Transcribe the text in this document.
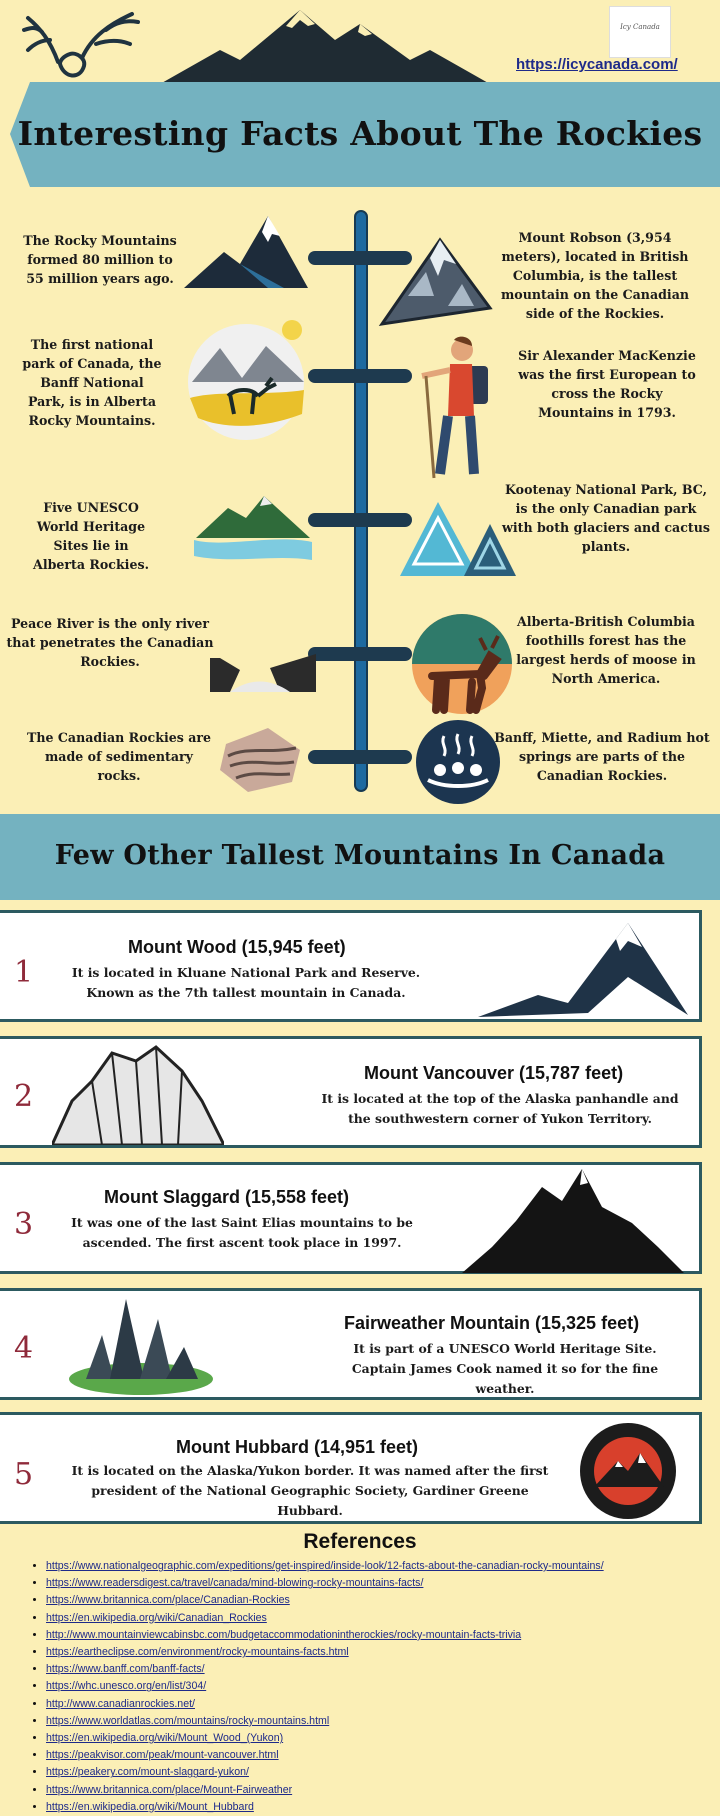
Icy Canada
https://icycanada.com/
Interesting Facts About The Rockies
The Rocky Mountains formed 80 million to 55 million years ago.
The first national park of Canada, the Banff National Park, is in Alberta Rocky Mountains.
Five UNESCO World Heritage Sites lie in Alberta Rockies.
Peace River is the only river that penetrates the Canadian Rockies.
The Canadian Rockies are made of sedimentary rocks.
Mount Robson (3,954 meters), located in British Columbia, is the tallest mountain on the Canadian side of the Rockies.
Sir Alexander MacKenzie was the first European to cross the Rocky Mountains in 1793.
Kootenay National Park, BC, is the only Canadian park with both glaciers and cactus plants.
Alberta-British Columbia foothills forest has the largest herds of moose in North America.
Banff, Miette, and Radium hot springs are parts of the Canadian Rockies.
Few Other Tallest Mountains In Canada
1
Mount Wood (15,945 feet)
It is located in Kluane National Park and Reserve. Known as the 7th tallest mountain in Canada.
2
Mount Vancouver (15,787 feet)
It is located at the top of the Alaska panhandle and the southwestern corner of Yukon Territory.
3
Mount Slaggard (15,558 feet)
It was one of the last Saint Elias mountains to be ascended. The first ascent took place in 1997.
4
Fairweather Mountain (15,325 feet)
It is part of a UNESCO World Heritage Site. Captain James Cook named it so for the fine weather.
5
Mount Hubbard (14,951 feet)
It is located on the Alaska/Yukon border. It was named after the first president of the National Geographic Society, Gardiner Greene Hubbard.
References
• https://www.nationalgeographic.com/expeditions/get-inspired/inside-look/12-facts-about-the-canadian-rocky-mountains/
• https://www.readersdigest.ca/travel/canada/mind-blowing-rocky-mountains-facts/
• https://www.britannica.com/place/Canadian-Rockies
• https://en.wikipedia.org/wiki/Canadian_Rockies
• http://www.mountainviewcabinsbc.com/budgetaccommodationintherockies/rocky-mountain-facts-trivia
• https://eartheclipse.com/environment/rocky-mountains-facts.html
• https://www.banff.com/banff-facts/
• https://whc.unesco.org/en/list/304/
• http://www.canadianrockies.net/
• https://www.worldatlas.com/mountains/rocky-mountains.html
• https://en.wikipedia.org/wiki/Mount_Wood_(Yukon)
• https://peakvisor.com/peak/mount-vancouver.html
• https://peakery.com/mount-slaggard-yukon/
• https://www.britannica.com/place/Mount-Fairweather
• https://en.wikipedia.org/wiki/Mount_Hubbard
